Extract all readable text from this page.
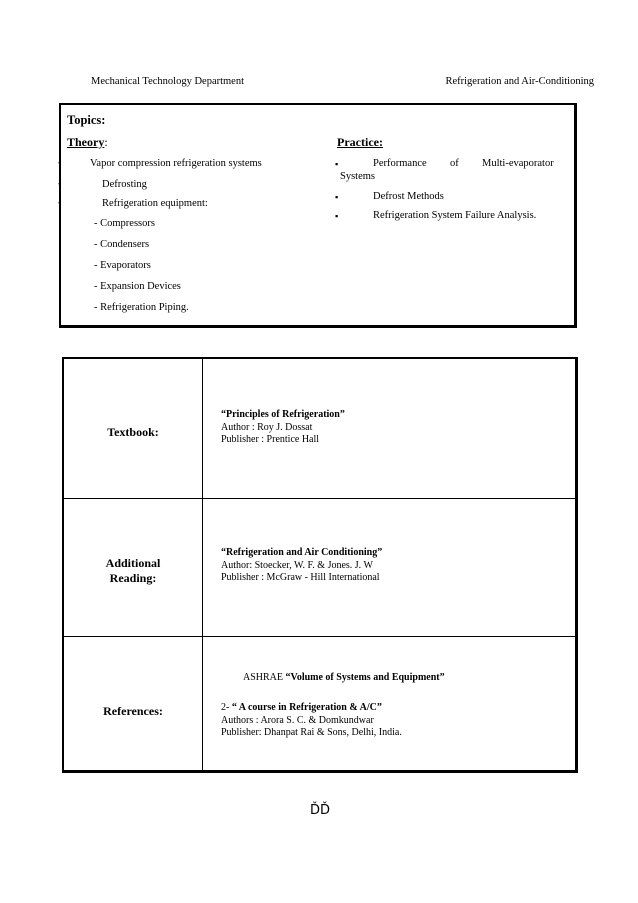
Mechanical Technology Department	Refrigeration and Air-Conditioning
Topics:
Theory:	Practice:
•	Vapor compression refrigeration systems
•	Defrosting
•	Refrigeration equipment:
- Compressors
- Condensers
- Evaporators
- Expansion Devices
- Refrigeration Piping.
▪	Performance of Multi-evaporator
Systems
▪	Defrost Methods
▪	Refrigeration System Failure Analysis.
Textbook:
“Principles of Refrigeration”
Author : Roy J. Dossat
Publisher : Prentice Hall
Additional
Reading:
“Refrigeration and Air Conditioning”
Author: Stoecker, W. F. & Jones. J. W
Publisher : McGraw - Hill International
References:
ASHRAE “Volume of Systems and Equipment”
2- “ A course in Refrigeration & A/C”
Authors : Arora S. C. & Domkundwar
Publisher: Dhanpat Rai & Sons, Delhi, India.
ĎĎ
